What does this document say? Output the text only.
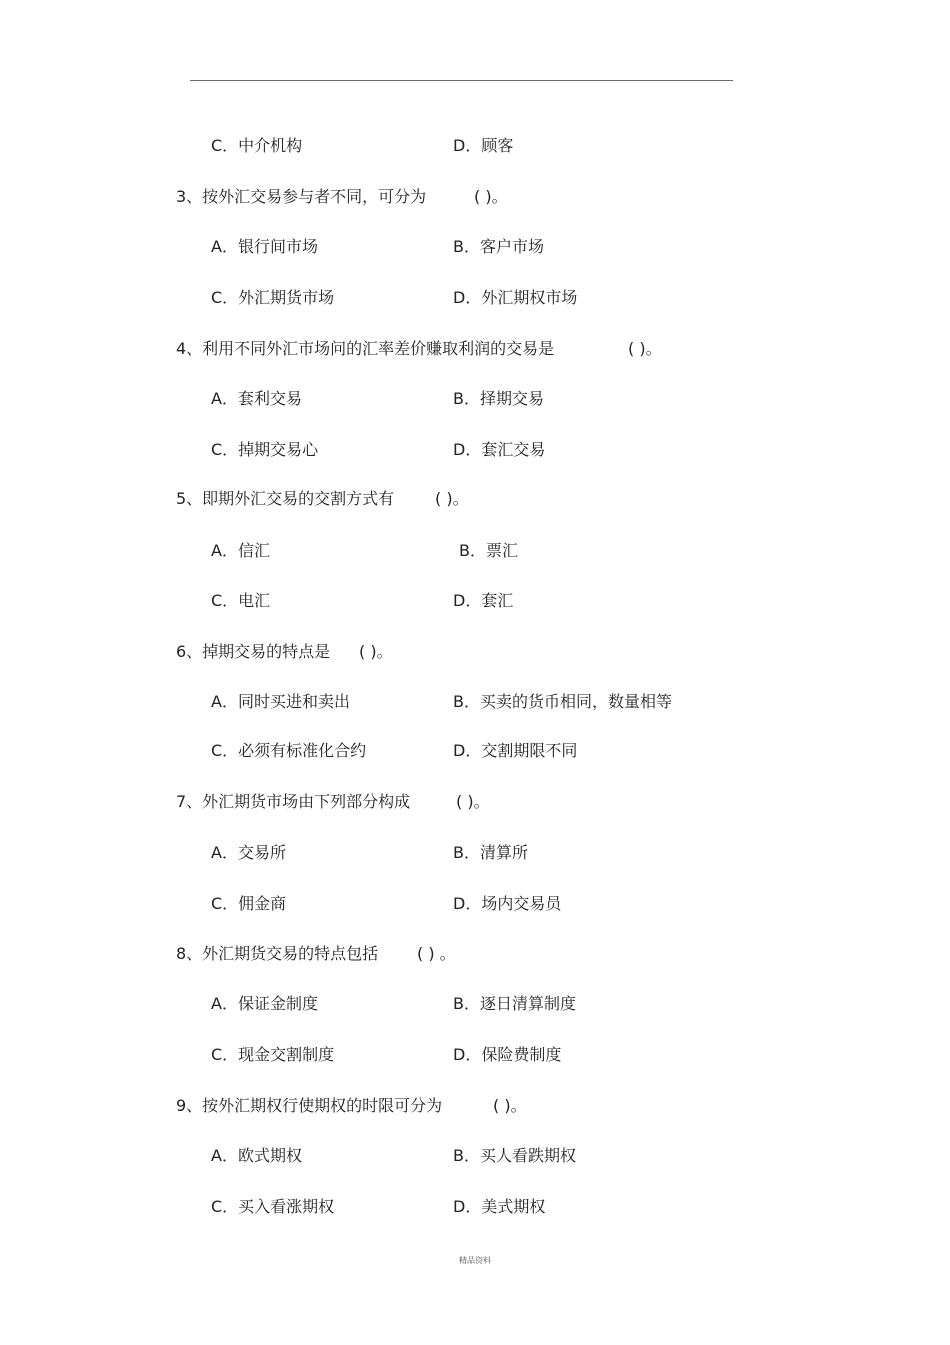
C．中介机构	D．顾客
3、按外汇交易参与者不同，可分为	( )。
A．银行间市场	B．客户市场
C．外汇期货市场	D．外汇期权市场
4、利用不同外汇市场问的汇率差价赚取利润的交易是	( )。
A．套利交易	B．择期交易
C．掉期交易心	D．套汇交易
5、即期外汇交易的交割方式有	( )。
A．信汇	B．票汇
C．电汇	D．套汇
6、掉期交易的特点是 ( )。
A．同时买进和卖出	B．买卖的货币相同，数量相等
C．必须有标准化合约	D．交割期限不同
7、外汇期货市场由下列部分构成	( )。
A．交易所	B．清算所
C．佣金商	D．场内交易员
8、外汇期货交易的特点包括 ( ) 。
A．保证金制度	B．逐日清算制度
C．现金交割制度	D．保险费制度
9、按外汇期权行使期权的时限可分为	( )。
A．欧式期权	B．买人看跌期权
C．买入看涨期权	D．美式期权
精品资料
